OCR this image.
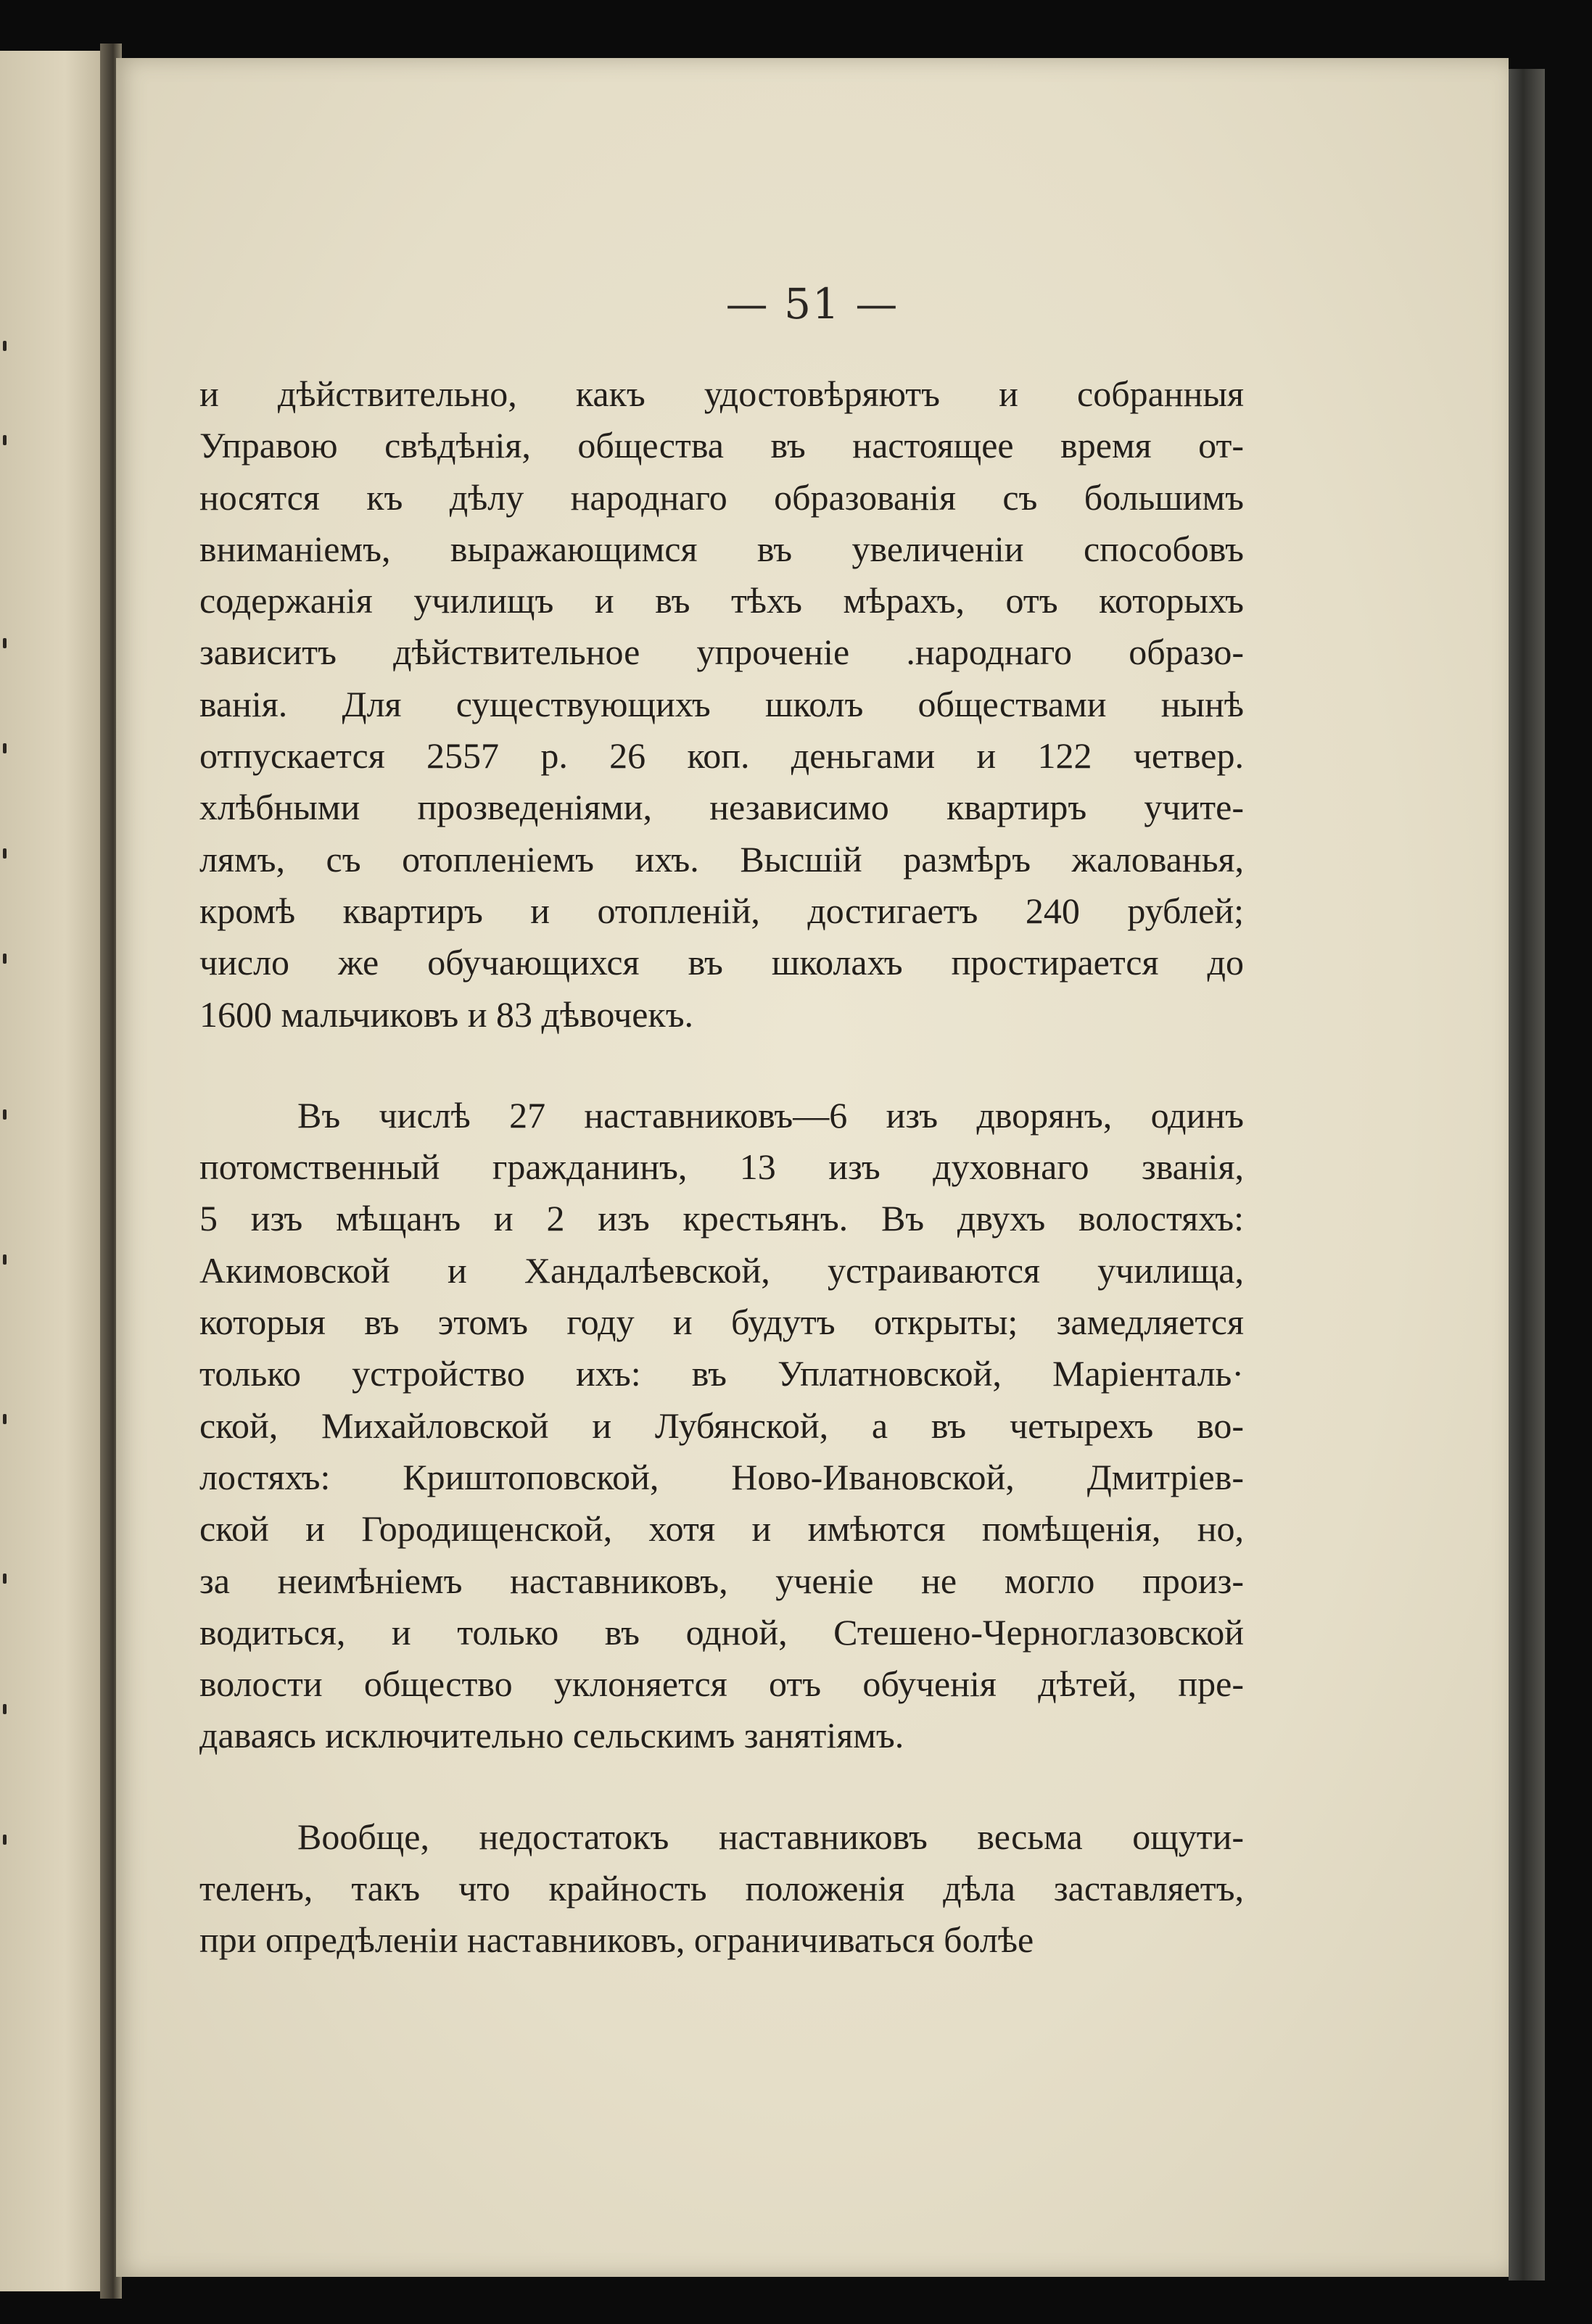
— 51 —
и дѣйствительно, какъ удостовѣряютъ и собранныя
Управою свѣдѣнія, общества въ настоящее время от-
носятся къ дѣлу народнаго образованія съ большимъ
вниманіемъ, выражающимся въ увеличеніи способовъ
содержанія училищъ и въ тѣхъ мѣрахъ, отъ которыхъ
зависитъ дѣйствительное упроченіе .народнаго образо-
ванія. Для существующихъ школъ обществами нынѣ
отпускается 2557 р. 26 коп. деньгами и 122 четвер.
хлѣбными прозведеніями, независимо квартиръ учите-
лямъ, съ отопленіемъ ихъ. Высшій размѣръ жалованья,
кромѣ квартиръ и отопленій, достигаетъ 240 рублей;
число же обучающихся въ школахъ простирается до
1600 мальчиковъ и 83 дѣвочекъ.
Въ числѣ 27 наставниковъ—6 изъ дворянъ, одинъ
потомственный гражданинъ, 13 изъ духовнаго званія,
5 изъ мѣщанъ и 2 изъ крестьянъ. Въ двухъ волостяхъ:
Акимовской и Хандалѣевской, устраиваются училища,
которыя въ этомъ году и будутъ открыты; замедляется
только устройство ихъ: въ Уплатновской, Маріенталь·
ской, Михайловской и Лубянской, а въ четырехъ во-
лостяхъ: Криштоповской, Ново-Ивановской, Дмитріев-
ской и Городищенской, хотя и имѣются помѣщенія, но,
за неимѣніемъ наставниковъ, ученіе не могло произ-
водиться, и только въ одной, Стешено-Черноглазовской
волости общество уклоняется отъ обученія дѣтей, пре-
даваясь исключительно сельскимъ занятіямъ.
Вообще, недостатокъ наставниковъ весьма ощути-
теленъ, такъ что крайность положенія дѣла заставляетъ,
при опредѣленіи наставниковъ, ограничиваться болѣе
